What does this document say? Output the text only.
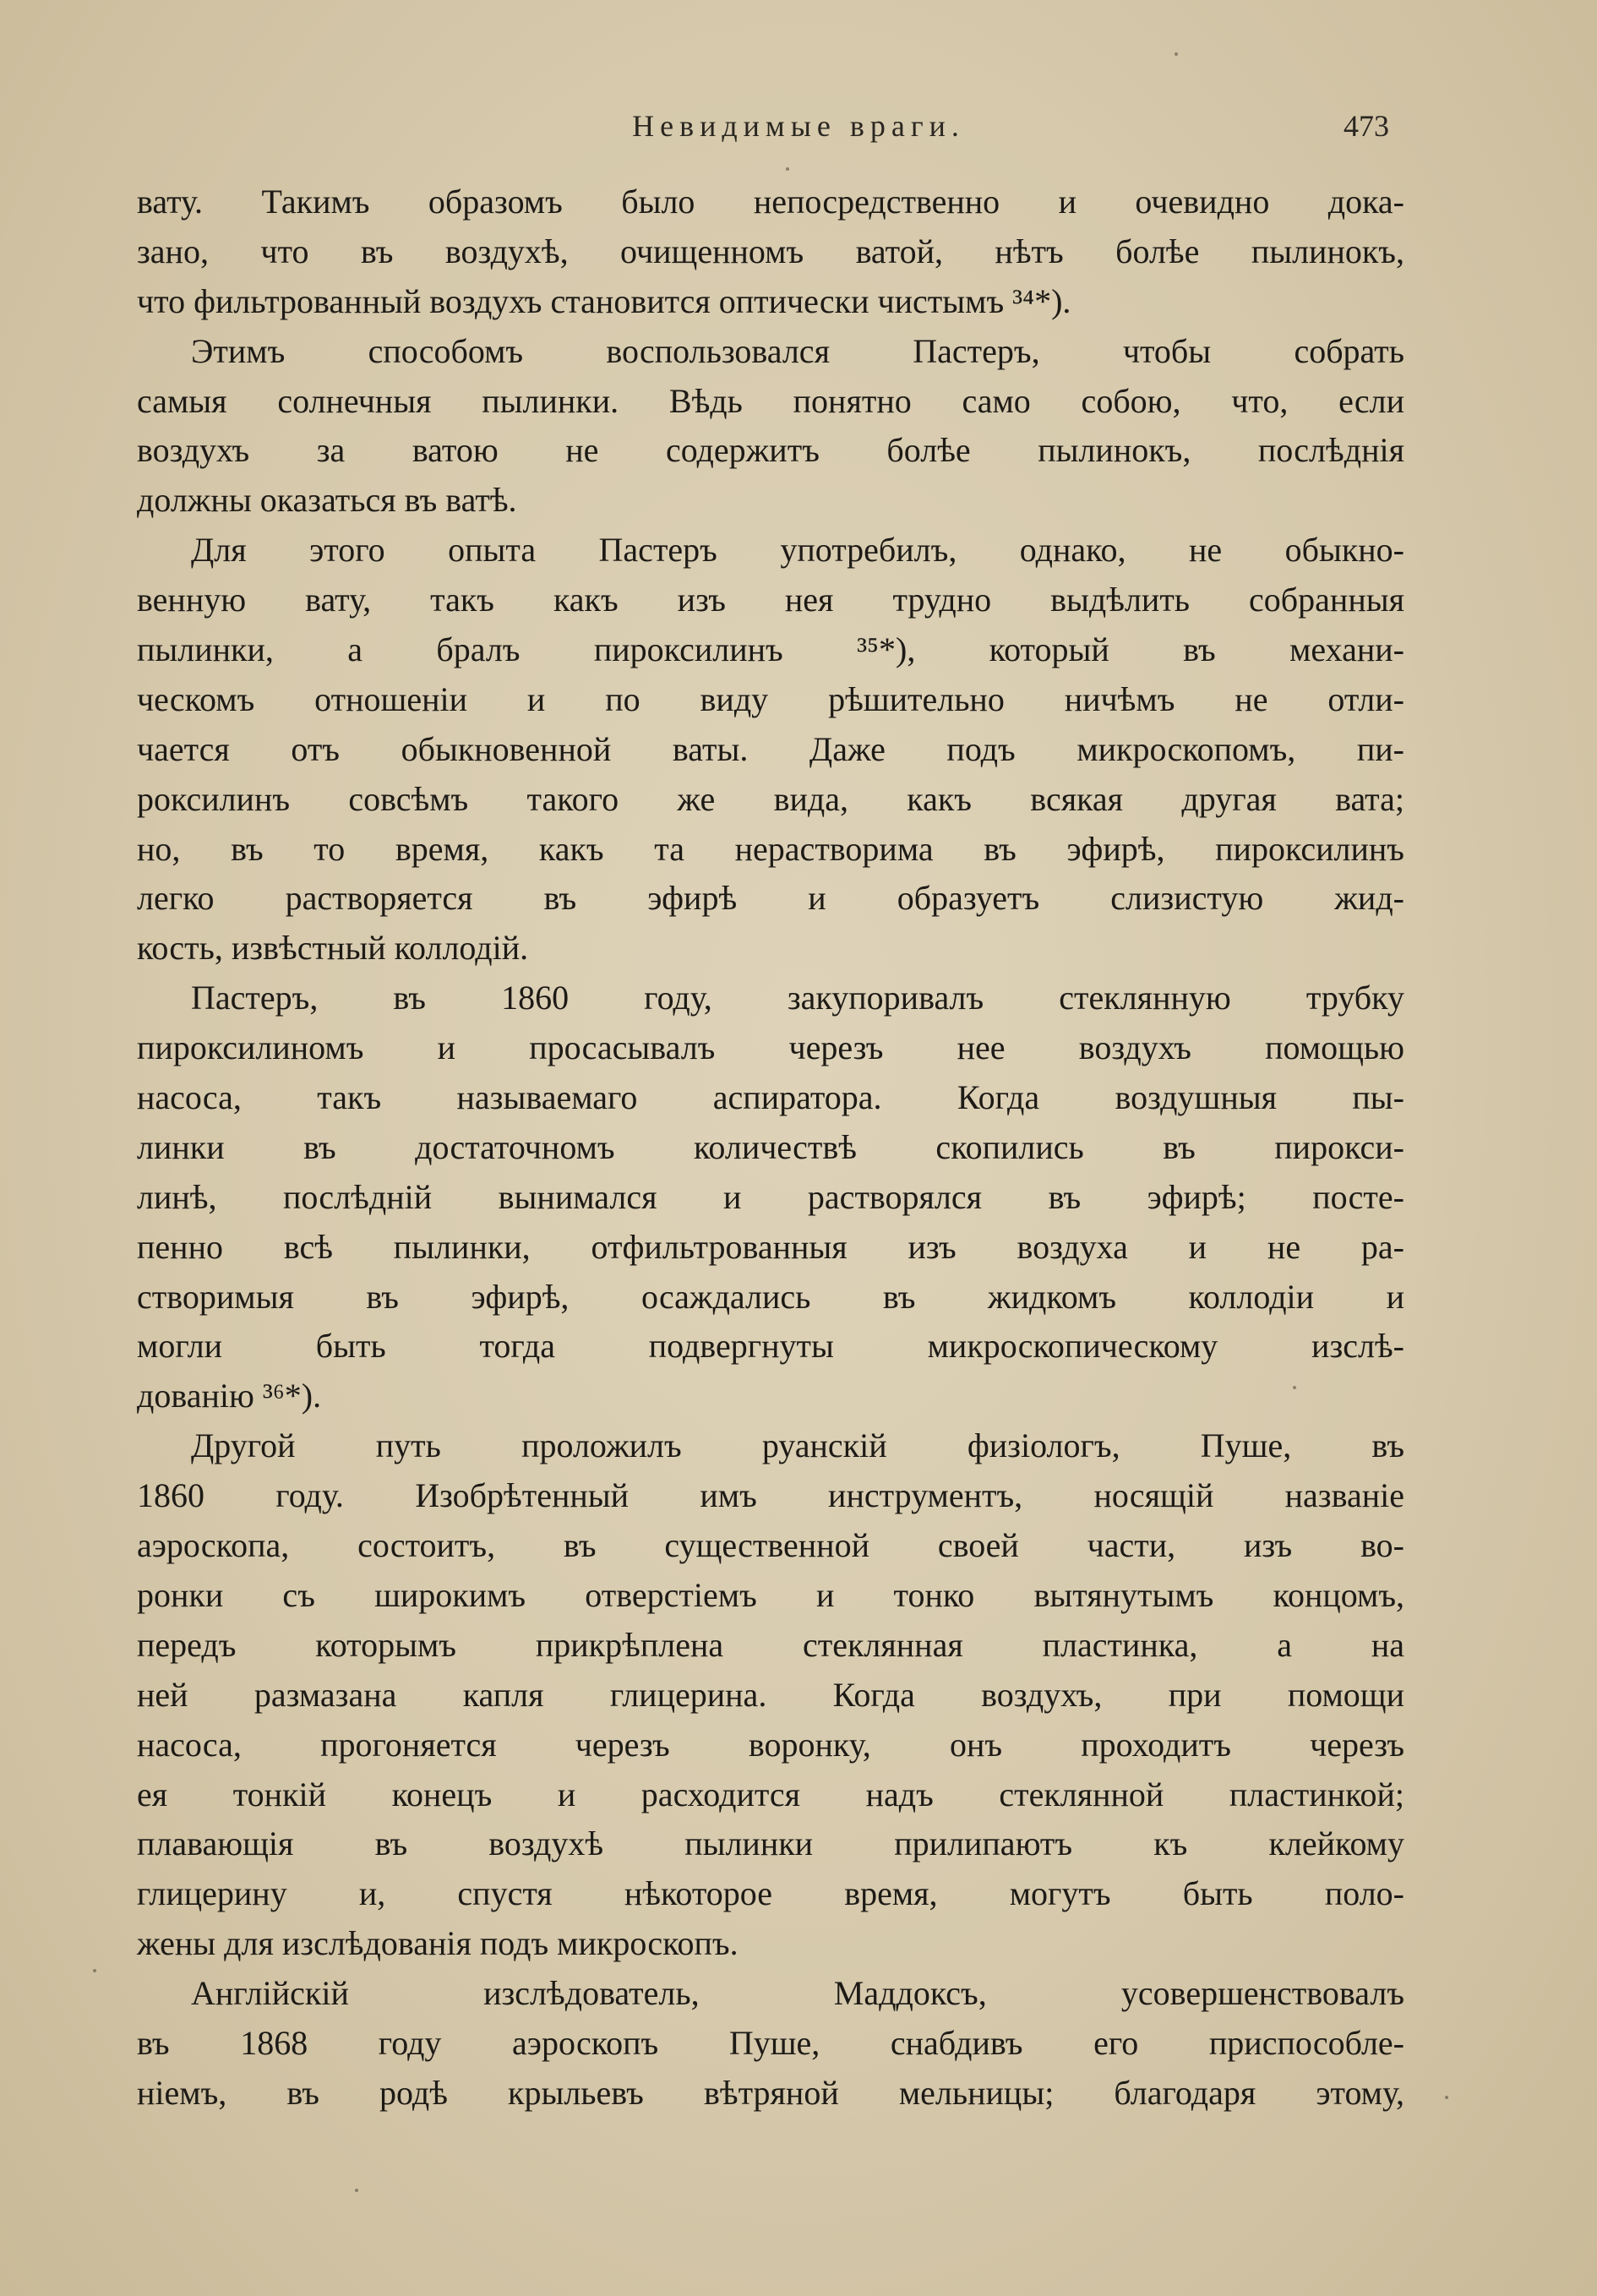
Невидимые враги.	473
вату. Такимъ образомъ было непосредственно и очевидно дока-
зано, что въ воздухѣ, очищенномъ ватой, нѣтъ болѣе пылинокъ,
что фильтрованный воздухъ становится оптически чистымъ ³⁴*).
Этимъ способомъ воспользовался Пастеръ, чтобы собрать
самыя солнечныя пылинки. Вѣдь понятно само собою, что, если
воздухъ за ватою не содержитъ болѣе пылинокъ, послѣднія
должны оказаться въ ватѣ.
Для этого опыта Пастеръ употребилъ, однако, не обыкно-
венную вату, такъ какъ изъ нея трудно выдѣлить собранныя
пылинки, а бралъ пироксилинъ ³⁵*), который въ механи-
ческомъ отношеніи и по виду рѣшительно ничѣмъ не отли-
чается отъ обыкновенной ваты. Даже подъ микроскопомъ, пи-
роксилинъ совсѣмъ такого же вида, какъ всякая другая вата;
но, въ то время, какъ та нерастворима въ эфирѣ, пироксилинъ
легко растворяется въ эфирѣ и образуетъ слизистую жид-
кость, извѣстный коллодій.
Пастеръ, въ 1860 году, закупоривалъ стеклянную трубку
пироксилиномъ и просасывалъ черезъ нее воздухъ помощью
насоса, такъ называемаго аспиратора. Когда воздушныя пы-
линки въ достаточномъ количествѣ скопились въ пирокси-
линѣ, послѣдній вынимался и растворялся въ эфирѣ; посте-
пенно всѣ пылинки, отфильтрованныя изъ воздуха и не ра-
створимыя въ эфирѣ, осаждались въ жидкомъ коллодіи и
могли быть тогда подвергнуты микроскопическому изслѣ-
дованію ³⁶*).
Другой путь проложилъ руанскій физіологъ, Пуше, въ
1860 году. Изобрѣтенный имъ инструментъ, носящій названіе
аэроскопа, состоитъ, въ существенной своей части, изъ во-
ронки съ широкимъ отверстіемъ и тонко вытянутымъ концомъ,
передъ которымъ прикрѣплена стеклянная пластинка, а на
ней размазана капля глицерина. Когда воздухъ, при помощи
насоса, прогоняется черезъ воронку, онъ проходитъ черезъ
ея тонкій конецъ и расходится надъ стеклянной пластинкой;
плавающія въ воздухѣ пылинки прилипаютъ къ клейкому
глицерину и, спустя нѣкоторое время, могутъ быть поло-
жены для изслѣдованія подъ микроскопъ.
Англійскій изслѣдователь, Маддоксъ, усовершенствовалъ
въ 1868 году аэроскопъ Пуше, снабдивъ его приспособле-
ніемъ, въ родѣ крыльевъ вѣтряной мельницы; благодаря этому,
